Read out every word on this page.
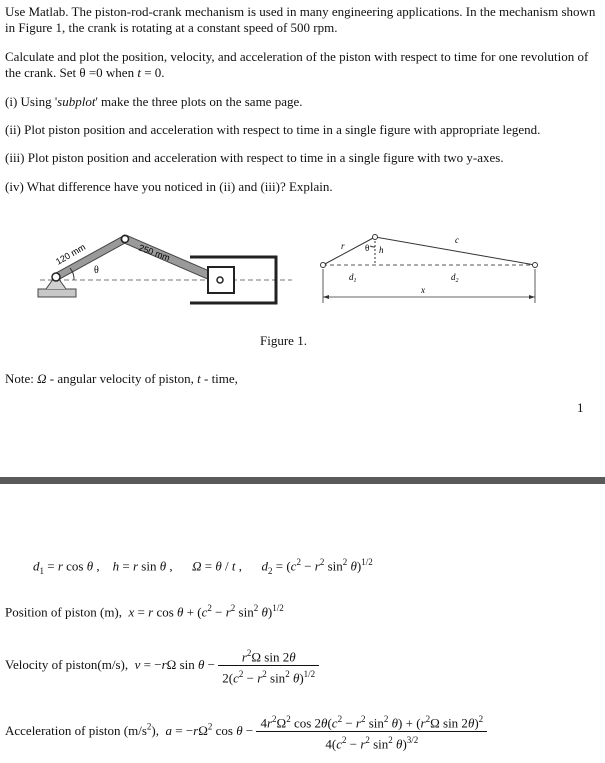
Use Matlab. The piston-rod-crank mechanism is used in many engineering applications. In the mechanism shown in Figure 1, the crank is rotating at a constant speed of 500 rpm.

Calculate and plot the position, velocity, and acceleration of the piston with respect to time for one revolution of the crank. Set θ =0 when t = 0.

(i) Using 'subplot' make the three plots on the same page.

(ii) Plot piston position and acceleration with respect to time in a single figure with appropriate legend.

(iii) Plot piston position and acceleration with respect to time in a single figure with two y-axes.

(iv) What difference have you noticed in (ii) and (iii)? Explain.

θ
120 mm	250 mm	r
c
θ h
$d_1$	$d_2$
x
Figure 1.

Note: Ω - angular velocity of piston, t - time,

1
$d_1 = r$ cos θ ,    h = r sin θ ,      Ω = θ / t ,      $d_2 = (c^2 - r^2$ $\sin^2 \theta)^{1/2}$
Position of piston (m), x = r $\cos \theta + (c^2 - r^2$ $\sin^2 \theta)^{1/2}$
Velocity of piston(m/s), v = −rΩ $\sin \theta - \frac{r^2\Omega \sin 2\theta}{2(c^2 - r^2 \sin^2 \theta)^{1/2}}$
Acceleration of piston $(m/s^2)$, $a = -r\Omega^2$ $\cos \theta - \frac{4r^2\Omega^2 \cos 2\theta(c^2 - r^2 \sin^2 \theta) + (r^2\Omega \sin 2\theta)^2}{4(c^2 - r^2 \sin^2 \theta)^{3/2}}$
